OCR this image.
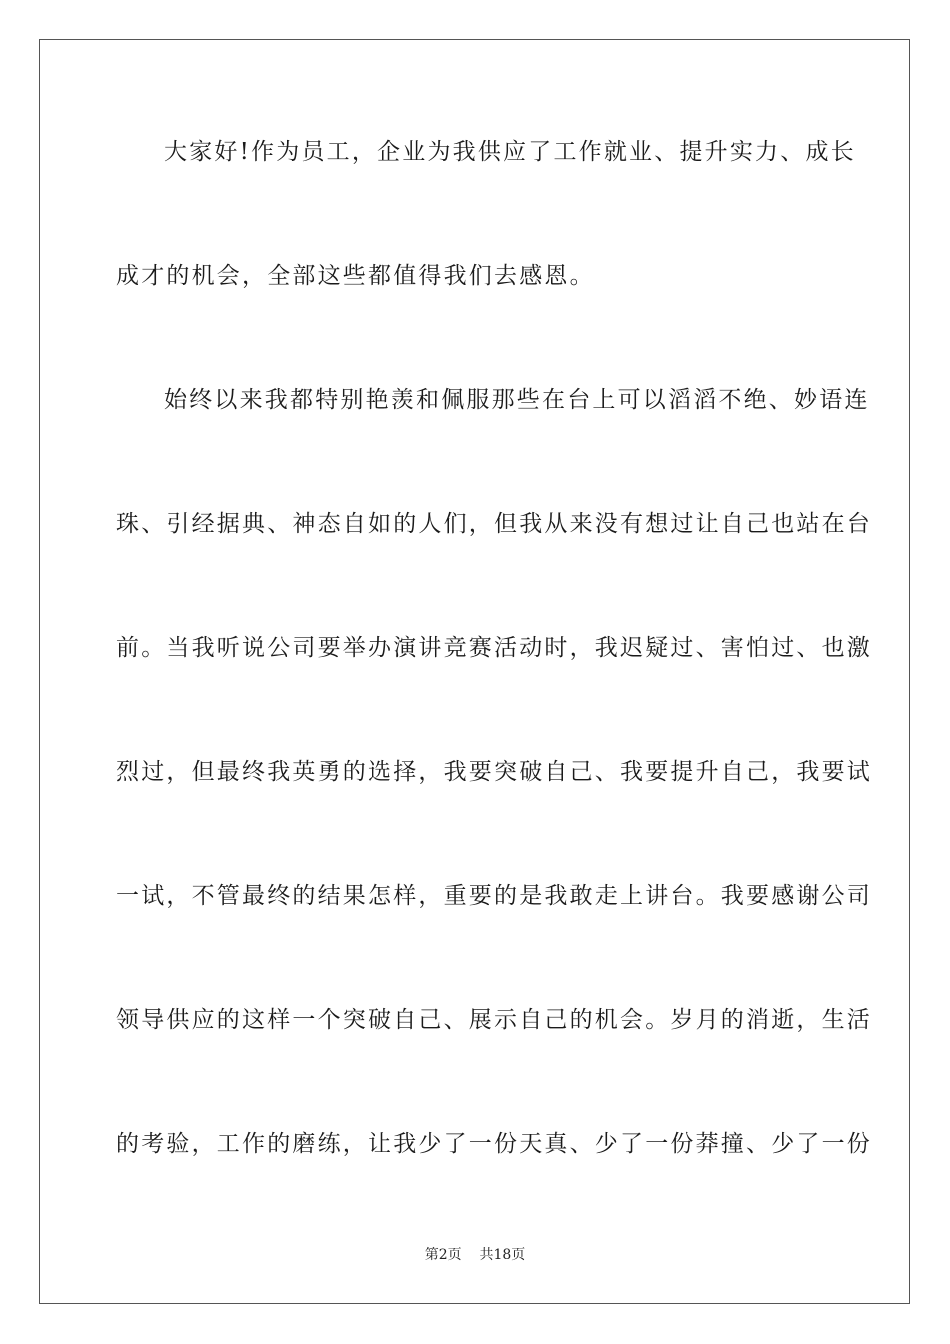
大家好!作为员工，企业为我供应了工作就业、提升实力、成长
成才的机会，全部这些都值得我们去感恩。
始终以来我都特别艳羡和佩服那些在台上可以滔滔不绝、妙语连
珠、引经据典、神态自如的人们，但我从来没有想过让自己也站在台
前。当我听说公司要举办演讲竞赛活动时，我迟疑过、害怕过、也激
烈过，但最终我英勇的选择，我要突破自己、我要提升自己，我要试
一试，不管最终的结果怎样，重要的是我敢走上讲台。我要感谢公司
领导供应的这样一个突破自己、展示自己的机会。岁月的消逝，生活
的考验，工作的磨练，让我少了一份天真、少了一份莽撞、少了一份
第2页 共18页
